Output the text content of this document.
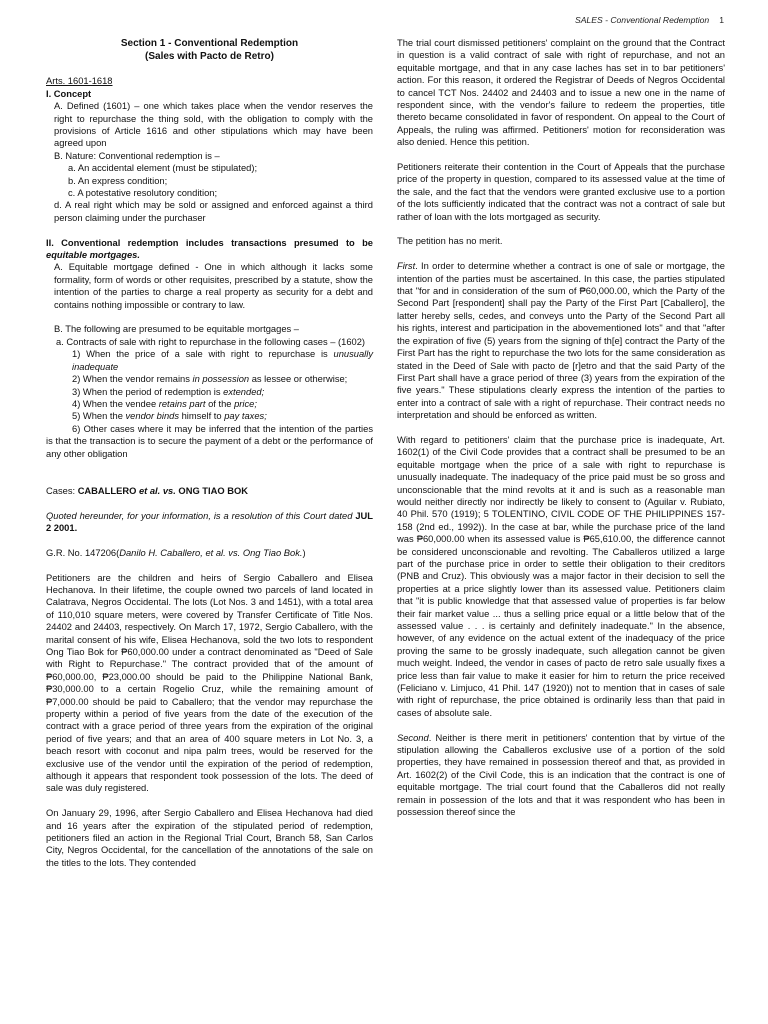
SALES - Conventional Redemption 1

Section 1 - Conventional Redemption

(Sales with Pacto de Retro)

Arts. 1601-1618

I. Concept

A. Defined (1601) – one which takes place when the vendor reserves the right to repurchase the thing sold, with the obligation to comply with the provisions of Article 1616 and other stipulations which may have been agreed upon

B. Nature: Conventional redemption is –

a. An accidental element (must be stipulated);

b. An express condition;

c. A potestative resolutory condition;

d. A real right which may be sold or assigned and enforced against a third person claiming under the purchaser

II. Conventional redemption includes transactions presumed to be equitable mortgages.

A. Equitable mortgage defined - One in which although it lacks some formality, form of words or other requisites, prescribed by a statute, show the intention of the parties to charge a real property as security for a debt and contains nothing impossible or contrary to law.

B. The following are presumed to be equitable mortgages –

a. Contracts of sale with right to repurchase in the following cases – (1602)

1) When the price of a sale with right to repurchase is unusually inadequate

2) When the vendor remains in possession as lessee or otherwise;

3) When the period of redemption is extended;

4) When the vendee retains part of the price;

5) When the vendor binds himself to pay taxes;

6) Other cases where it may be inferred that the intention of the parties is that the transaction is to secure the payment of a debt or the performance of any other obligation

Cases: CABALLERO et al. vs. ONG TIAO BOK

Quoted hereunder, for your information, is a resolution of this Court dated JUL 2 2001.

G.R. No. 147206(Danilo H. Caballero, et al. vs. Ong Tiao Bok.)

Petitioners are the children and heirs of Sergio Caballero and Elisea Hechanova. In their lifetime, the couple owned two parcels of land located in Calatrava, Negros Occidental. The lots (Lot Nos. 3 and 1451), with a total area of 110,010 square meters, were covered by Transfer Certificate of Title Nos. 24402 and 24403, respectively. On March 17, 1972, Sergio Caballero, with the marital consent of his wife, Elisea Hechanova, sold the two lots to respondent Ong Tiao Bok for ₱60,000.00 under a contract denominated as "Deed of Sale with Right to Repurchase." The contract provided that of the amount of ₱60,000.00, ₱23,000.00 should be paid to the Philippine National Bank, ₱30,000.00 to a certain Rogelio Cruz, while the remaining amount of ₱7,000.00 should be paid to Caballero; that the vendor may repurchase the property within a period of five years from the date of the execution of the contract with a grace period of three years from the expiration of the original period of five years; and that an area of 400 square meters in Lot No. 3, a beach resort with coconut and nipa palm trees, would be reserved for the exclusive use of the vendor until the expiration of the period of redemption, although it appears that respondent took possession of the lots. The deed of sale was duly registered.

On January 29, 1996, after Sergio Caballero and Elisea Hechanova had died and 16 years after the expiration of the stipulated period of redemption, petitioners filed an action in the Regional Trial Court, Branch 58, San Carlos City, Negros Occidental, for the cancellation of the annotations of the sale on the titles to the lots. They contended

The trial court dismissed petitioners' complaint on the ground that the Contract in question is a valid contract of sale with right of repurchase, and not an equitable mortgage, and that in any case laches has set in to bar petitioners' action. For this reason, it ordered the Registrar of Deeds of Negros Occidental to cancel TCT Nos. 24402 and 24403 and to issue a new one in the name of respondent since, with the vendor's failure to redeem the properties, title thereto became consolidated in favor of respondent. On appeal to the Court of Appeals, the ruling was affirmed. Petitioners' motion for reconsideration was also denied. Hence this petition.

Petitioners reiterate their contention in the Court of Appeals that the purchase price of the property in question, compared to its assessed value at the time of the sale, and the fact that the vendors were granted exclusive use to a portion of the lots sufficiently indicated that the contract was not a contract of sale but rather of loan with the lots mortgaged as security.

The petition has no merit.

First. In order to determine whether a contract is one of sale or mortgage, the intention of the parties must be ascertained. In this case, the parties stipulated that "for and in consideration of the sum of ₱60,000.00, which the Party of the Second Part [respondent] shall pay the Party of the First Part [Caballero], the latter hereby sells, cedes, and conveys unto the Party of the Second Part all his rights, interest and participation in the abovementioned lots" and that "after the expiration of five (5) years from the signing of th[e] contract the Party of the First Part has the right to repurchase the two lots for the same consideration as stated in the Deed of Sale with pacto de [r]etro and that the said Party of the First Part shall have a grace period of three (3) years from the expiration of the five years." These stipulations clearly express the intention of the parties to enter into a contract of sale with a right of repurchase. Their contract needs no interpretation and should be enforced as written.

With regard to petitioners' claim that the purchase price is inadequate, Art. 1602(1) of the Civil Code provides that a contract shall be presumed to be an equitable mortgage when the price of a sale with right to repurchase is unusually inadequate. The inadequacy of the price paid must be so gross and unconscionable that the mind revolts at it and is such as a reasonable man would neither directly nor indirectly be likely to consent to (Aguilar v. Rubiato, 40 Phil. 570 (1919); 5 TOLENTINO, CIVIL CODE OF THE PHILIPPINES 157-158 (2nd ed., 1992)). In the case at bar, while the purchase price of the land was ₱60,000.00 when its assessed value is ₱65,610.00, the difference cannot be considered unconscionable and revolting. The Caballeros utilized a large part of the purchase price in order to settle their obligation to their creditors (PNB and Cruz). This obviously was a major factor in their decision to sell the properties at a price slightly lower than its assessed value. Petitioners claim that "it is public knowledge that that assessed value of properties is far below their fair market value ... thus a selling price equal or a little below that of the assessed value . . . is certainly and definitely inadequate." In the absence, however, of any evidence on the actual extent of the inadequacy of the price proving the same to be grossly inadequate, such allegation cannot be given much weight. Indeed, the vendor in cases of pacto de retro sale usually fixes a price less than fair value to make it easier for him to return the price received (Feliciano v. Limjuco, 41 Phil. 147 (1920)) not to mention that in cases of sale with right of repurchase, the price obtained is ordinarily less than that paid in cases of absolute sale.

Second. Neither is there merit in petitioners' contention that by virtue of the stipulation allowing the Caballeros exclusive use of a portion of the sold properties, they have remained in possession thereof and that, as provided in Art. 1602(2) of the Civil Code, this is an indication that the contract is one of equitable mortgage. The trial court found that the Caballeros did not really remain in possession of the lots and that it was respondent who has been in possession thereof since the
